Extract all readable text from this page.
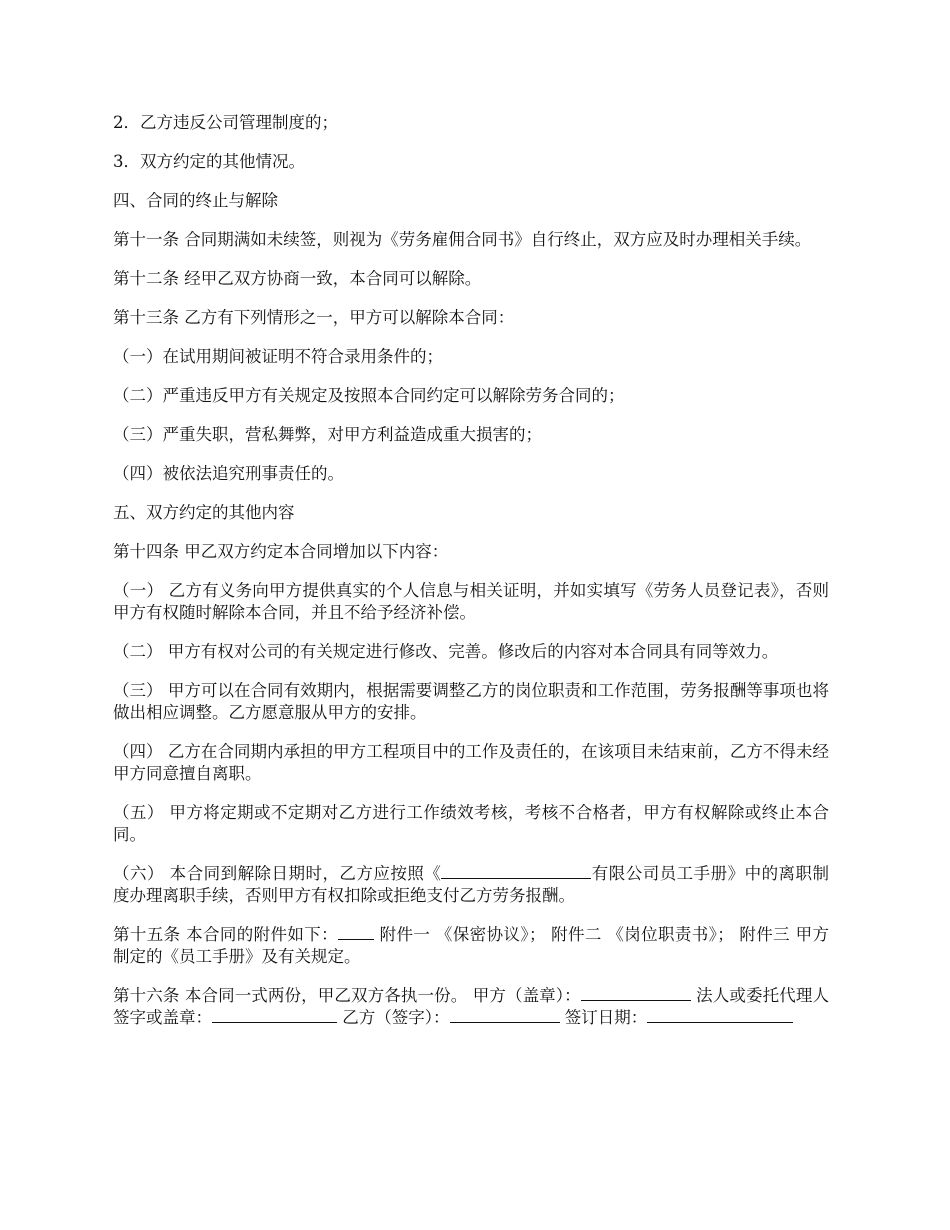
2．乙方违反公司管理制度的；

3．双方约定的其他情况。

四、合同的终止与解除

第十一条 合同期满如未续签，则视为《劳务雇佣合同书》自行终止，双方应及时办理相关手续。

第十二条 经甲乙双方协商一致，本合同可以解除。

第十三条 乙方有下列情形之一，甲方可以解除本合同：

（一）在试用期间被证明不符合录用条件的；

（二）严重违反甲方有关规定及按照本合同约定可以解除劳务合同的；

（三）严重失职，营私舞弊，对甲方利益造成重大损害的；

（四）被依法追究刑事责任的。

五、双方约定的其他内容

第十四条 甲乙双方约定本合同增加以下内容：

（一） 乙方有义务向甲方提供真实的个人信息与相关证明，并如实填写《劳务人员登记表》，否则甲方有权随时解除本合同，并且不给予经济补偿。

（二） 甲方有权对公司的有关规定进行修改、完善。修改后的内容对本合同具有同等效力。

（三） 甲方可以在合同有效期内，根据需要调整乙方的岗位职责和工作范围，劳务报酬等事项也将做出相应调整。乙方愿意服从甲方的安排。

（四） 乙方在合同期内承担的甲方工程项目中的工作及责任的，在该项目未结束前，乙方不得未经甲方同意擅自离职。

（五） 甲方将定期或不定期对乙方进行工作绩效考核，考核不合格者，甲方有权解除或终止本合同。

（六） 本合同到解除日期时，乙方应按照《	有限公司员工手册》中的离职制度办理离职手续，否则甲方有权扣除或拒绝支付乙方劳务报酬。

第十五条 本合同的附件如下： 附件一 《保密协议》； 附件二 《岗位职责书》； 附件三 甲方制定的《员工手册》及有关规定。

第十六条 本合同一式两份，甲乙双方各执一份。 甲方（盖章）：	法人或委托代理人签字或盖章：	乙方（签字）：	签订日期：
